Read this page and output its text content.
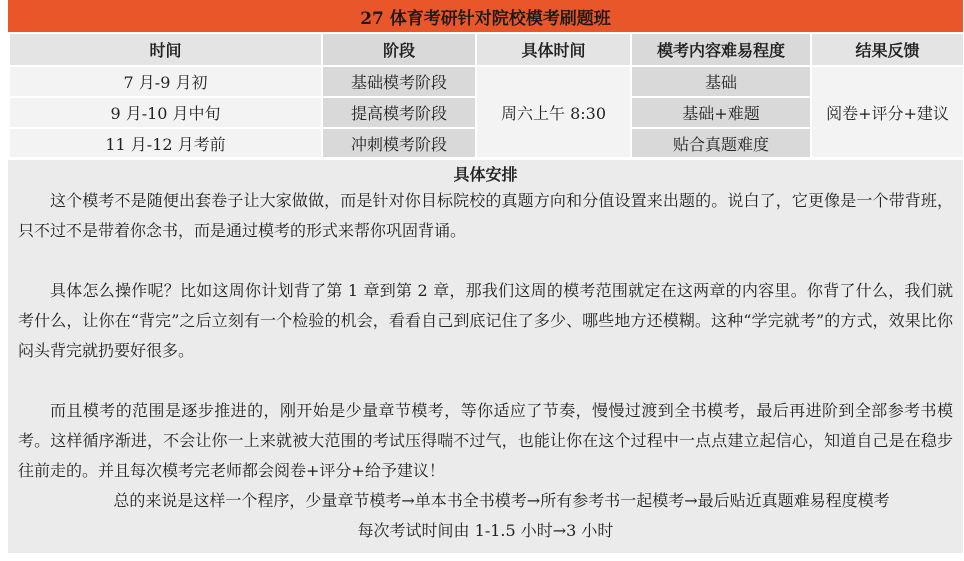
27 体育考研针对院校模考刷题班
时间	阶段	具体时间	模考内容难易程度	结果反馈
7 月-9 月初	基础模考阶段	周六上午 8:30	基础	阅卷+评分+建议
9 月-10 月中旬	提高模考阶段		基础+难题	
11 月-12 月考前	冲刺模考阶段		贴合真题难度	
具体安排

这个模考不是随便出套卷子让大家做做，而是针对你目标院校的真题方向和分值设置来出题的。说白了，它更像是一个带背班，只不过不是带着你念书，而是通过模考的形式来帮你巩固背诵。

具体怎么操作呢？比如这周你计划背了第 1 章到第 2 章，那我们这周的模考范围就定在这两章的内容里。你背了什么，我们就考什么，让你在“背完”之后立刻有一个检验的机会，看看自己到底记住了多少、哪些地方还模糊。这种“学完就考”的方式，效果比你闷头背完就扔要好很多。

而且模考的范围是逐步推进的，刚开始是少量章节模考，等你适应了节奏，慢慢过渡到全书模考，最后再进阶到全部参考书模考。这样循序渐进，不会让你一上来就被大范围的考试压得喘不过气，也能让你在这个过程中一点点建立起信心，知道自己是在稳步往前走的。并且每次模考完老师都会阅卷+评分+给予建议！

总的来说是这样一个程序，少量章节模考→单本书全书模考→所有参考书一起模考→最后贴近真题难易程度模考

每次考试时间由 1-1.5 小时→3 小时
